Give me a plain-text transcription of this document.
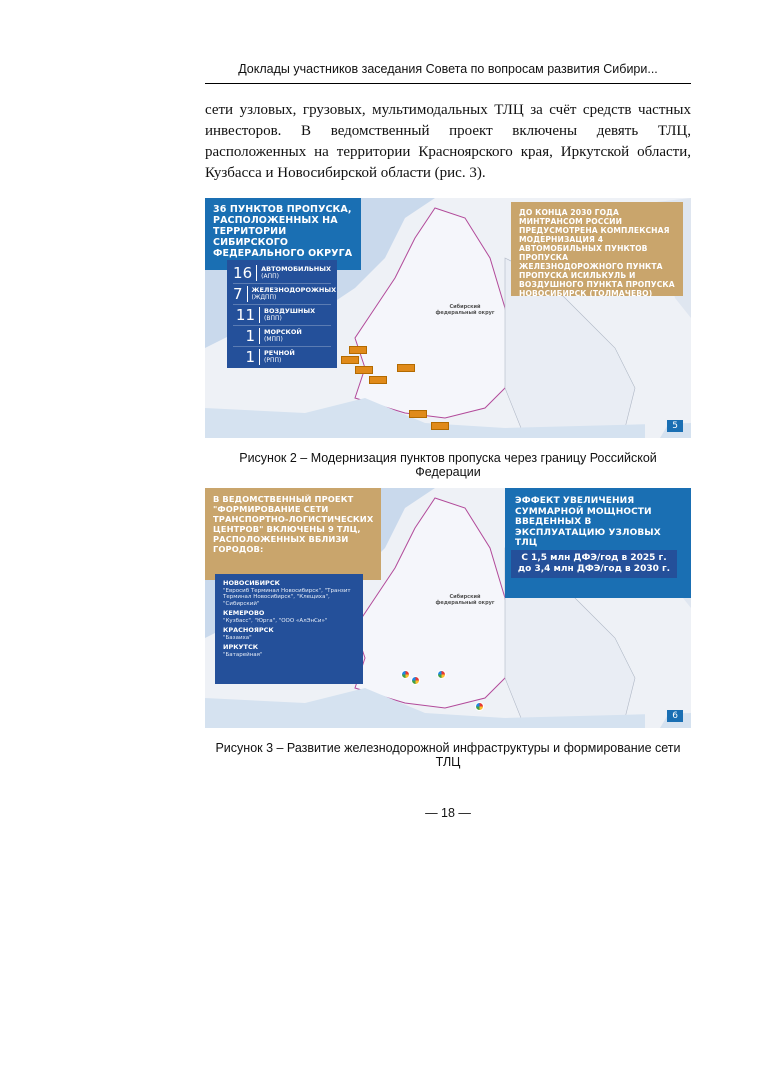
Доклады участников заседания Совета по вопросам развития Сибири...
сети узловых, грузовых, мультимодальных ТЛЦ за счёт средств частных инвесторов. В ведомственный проект включены девять ТЛЦ, расположенных на территории Красноярского края, Иркутской области, Кузбасса и Новосибирской области (рис. 3).
36 ПУНКТОВ ПРОПУСКА, РАСПОЛОЖЕННЫХ НА ТЕРРИТОРИИ СИБИРСКОГО ФЕДЕРАЛЬНОГО ОКРУГА
16	АВТОМОБИЛЬНЫХ
(АПП)
7	ЖЕЛЕЗНОДОРОЖНЫХ
(ЖДПП)
11	ВОЗДУШНЫХ
(ВПП)
1	МОРСКОЙ
(МПП)
1	РЕЧНОЙ
(РПП)
ДО КОНЦА 2030 ГОДА МИНТРАНСОМ РОССИИ ПРЕДУСМОТРЕНА КОМПЛЕКСНАЯ МОДЕРНИЗАЦИЯ 4 АВТОМОБИЛЬНЫХ ПУНКТОВ ПРОПУСКА ЖЕЛЕЗНОДОРОЖНОГО ПУНКТА ПРОПУСКА ИСИЛЬКУЛЬ И ВОЗДУШНОГО ПУНКТА ПРОПУСКА НОВОСИБИРСК (ТОЛМАЧЕВО)
Сибирский федеральный округ
5
Рисунок 2 – Модернизация пунктов пропуска через границу Российской Федерации
В ВЕДОМСТВЕННЫЙ ПРОЕКТ "ФОРМИРОВАНИЕ СЕТИ ТРАНСПОРТНО-ЛОГИСТИЧЕСКИХ ЦЕНТРОВ" ВКЛЮЧЕНЫ 9 ТЛЦ, РАСПОЛОЖЕННЫХ ВБЛИЗИ ГОРОДОВ:
НОВОСИБИРСК
"Евросиб Терминал Новосибирск", "Транзит Терминал Новосибирск", "Клещиха", "Сибирский"
КЕМЕРОВО
"Кузбасс", "Юрга", "ООО «АлЭнСи»"
КРАСНОЯРСК
"Базаиха"
ИРКУТСК
"Батарейная"
ЭФФЕКТ УВЕЛИЧЕНИЯ СУММАРНОЙ МОЩНОСТИ ВВЕДЕННЫХ В ЭКСПЛУАТАЦИЮ УЗЛОВЫХ ТЛЦ
С 1,5 млн ДФЭ/год в 2025 г. до 3,4 млн ДФЭ/год в 2030 г.
Сибирский федеральный округ
6
Рисунок 3 – Развитие железнодорожной инфраструктуры и формирование сети ТЛЦ
— 18 —
